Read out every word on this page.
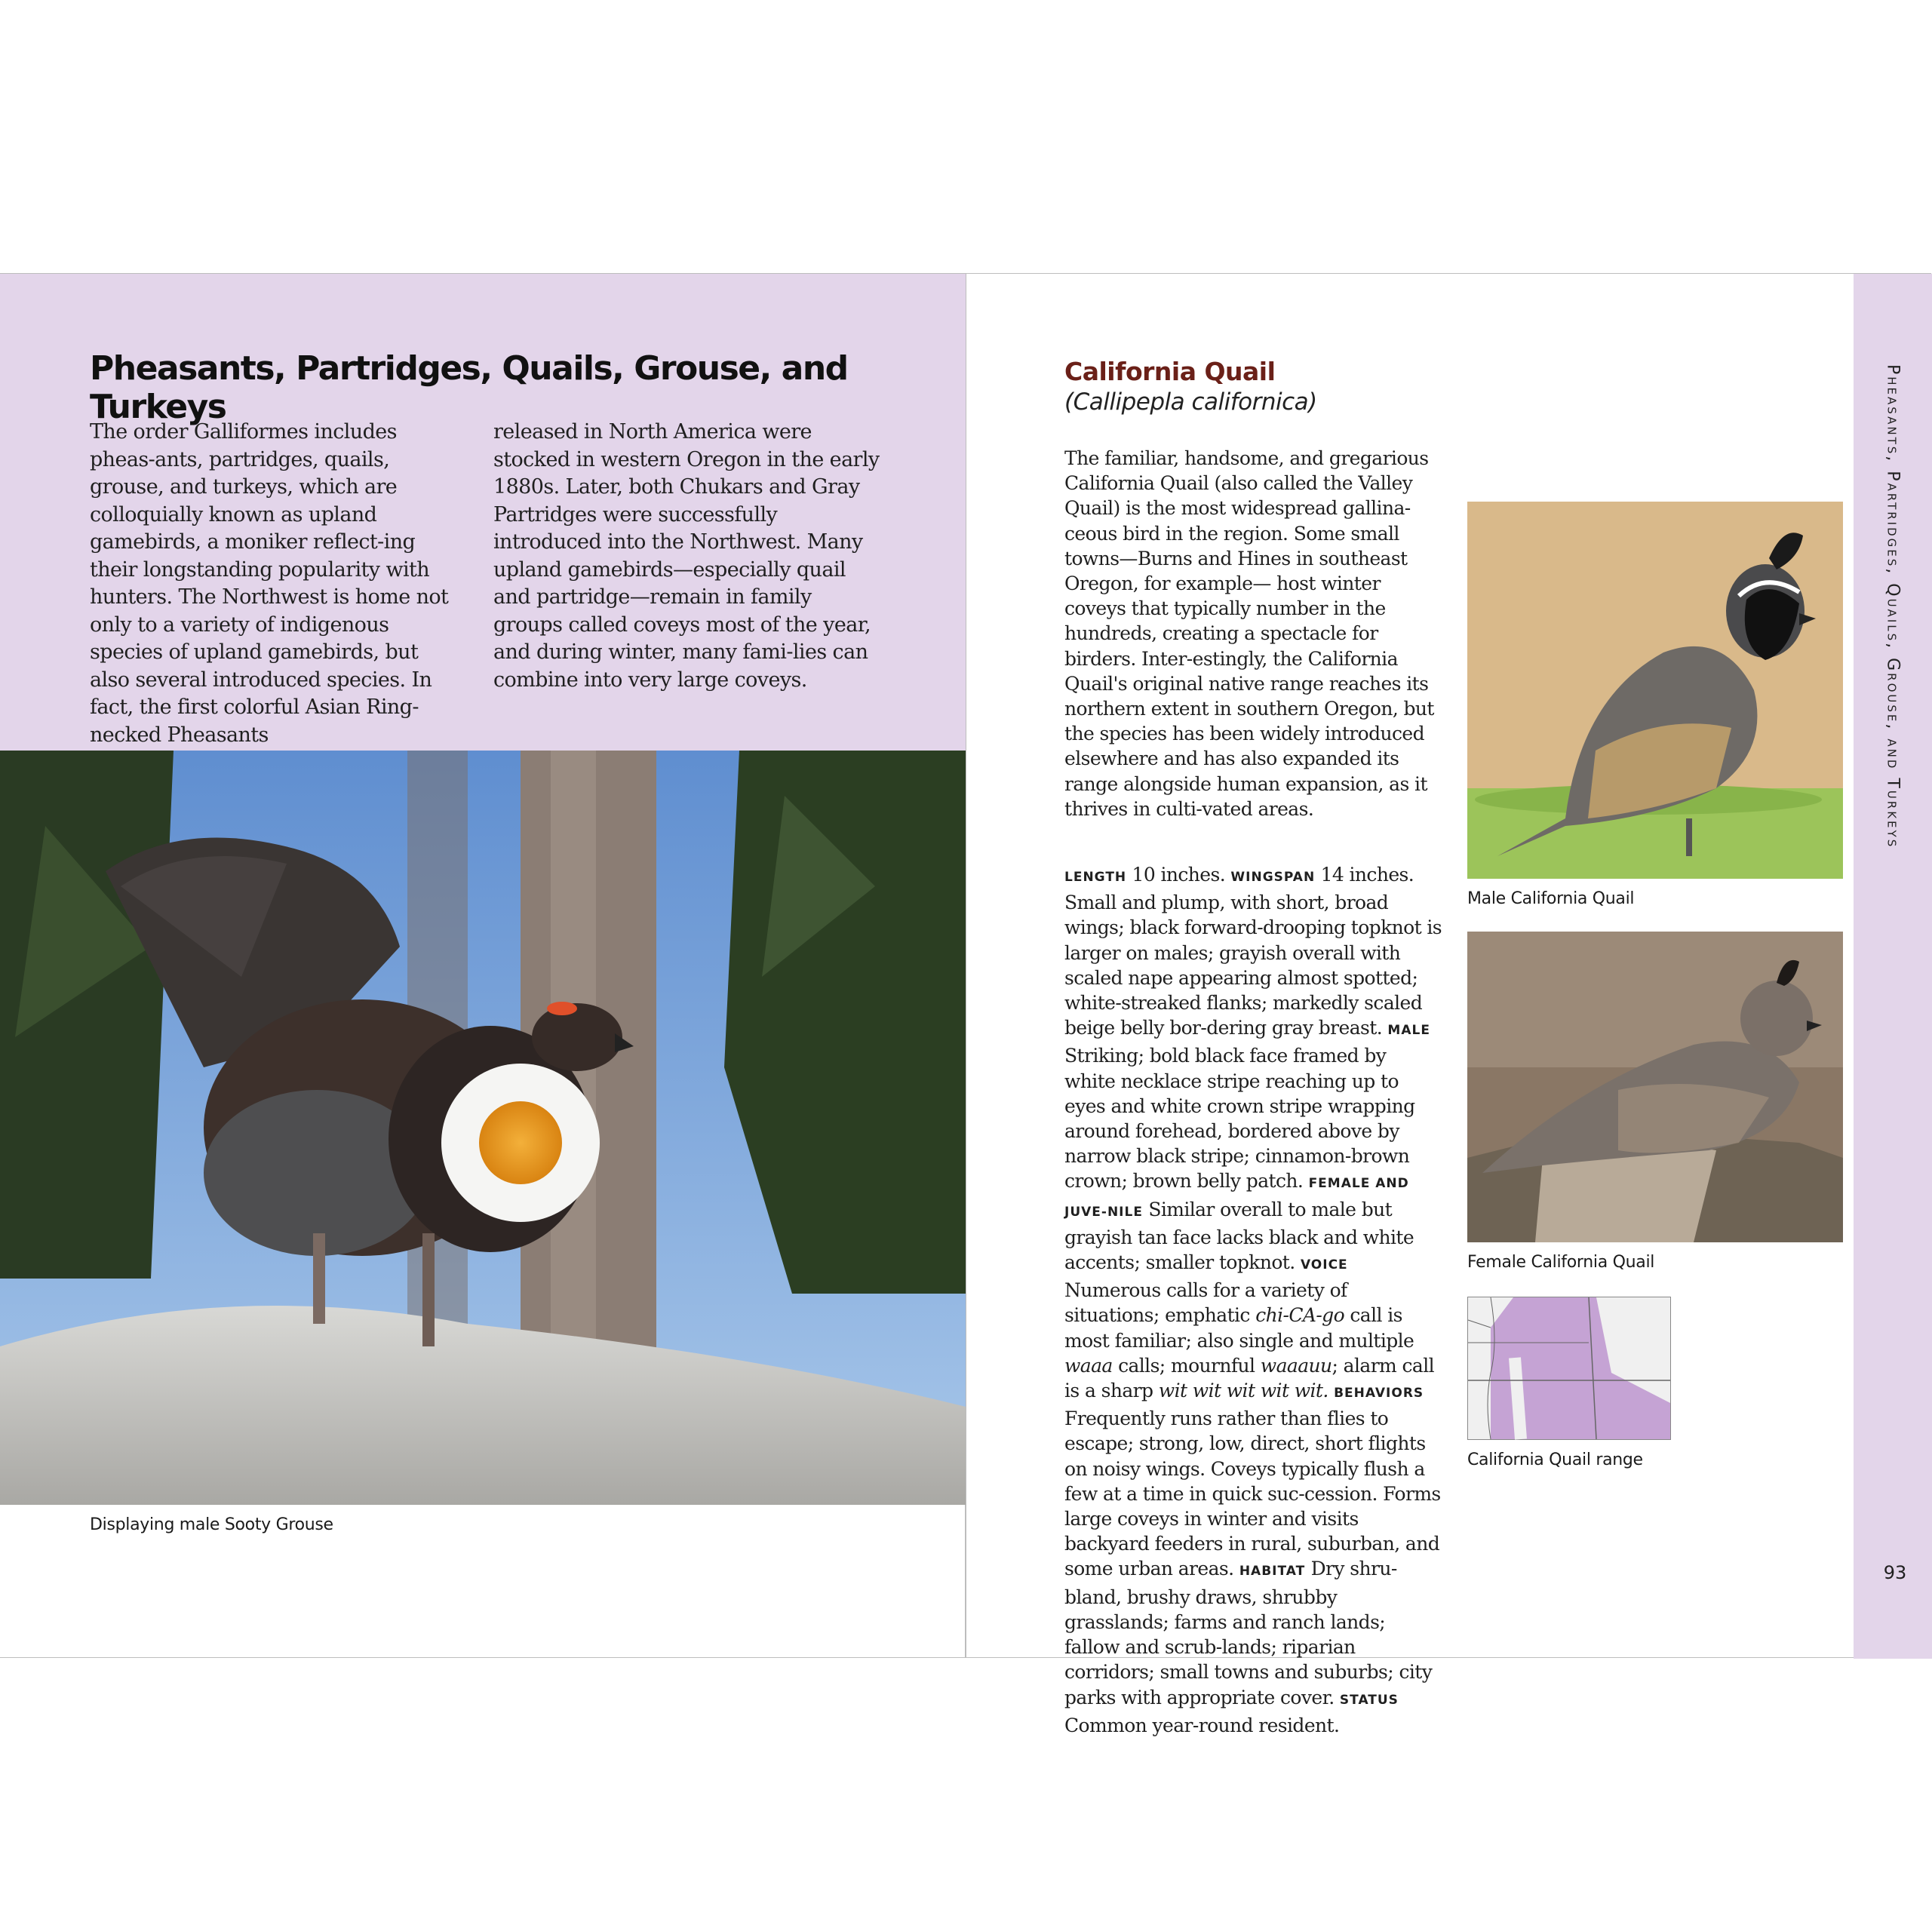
Pheasants, Partridges, Quails, Grouse, and Turkeys

The order Galliformes includes pheas-ants, partridges, quails, grouse, and turkeys, which are colloquially known as upland gamebirds, a moniker reflect-ing their longstanding popularity with hunters. The Northwest is home not only to a variety of indigenous species of upland gamebirds, but also several introduced species. In fact, the first colorful Asian Ring-necked Pheasants

released in North America were stocked in western Oregon in the early 1880s. Later, both Chukars and Gray Partridges were successfully introduced into the Northwest. Many upland gamebirds—especially quail and partridge—remain in family groups called coveys most of the year, and during winter, many fami-lies can combine into very large coveys.

Displaying male Sooty Grouse
California Quail

(Callipepla californica)

The familiar, handsome, and gregarious California Quail (also called the Valley Quail) is the most widespread gallina-ceous bird in the region. Some small towns—Burns and Hines in southeast Oregon, for example— host winter coveys that typically number in the hundreds, creating a spectacle for birders. Inter-estingly, the California Quail's original native range reaches its northern extent in southern Oregon, but the species has been widely introduced elsewhere and has also expanded its range alongside human expansion, as it thrives in culti-vated areas.

LENGTH 10 inches. WINGSPAN 14 inches. Small and plump, with short, broad wings; black forward-drooping topknot is larger on males; grayish overall with scaled nape appearing almost spotted; white-streaked flanks; markedly scaled beige belly bor-dering gray breast. MALE Striking; bold black face framed by white necklace stripe reaching up to eyes and white crown stripe wrapping around forehead, bordered above by narrow black stripe; cinnamon-brown crown; brown belly patch. FEMALE AND JUVE-NILE Similar overall to male but grayish tan face lacks black and white accents; smaller topknot. VOICE Numerous calls for a variety of situations; emphatic chi-CA-go call is most familiar; also single and multiple waaa calls; mournful waaauu; alarm call is a sharp wit wit wit wit wit. BEHAVIORS Frequently runs rather than flies to escape; strong, low, direct, short flights on noisy wings. Coveys typically flush a few at a time in quick suc-cession. Forms large coveys in winter and visits backyard feeders in rural, suburban, and some urban areas. HABITAT Dry shru-bland, brushy draws, shrubby grasslands; farms and ranch lands; fallow and scrub-lands; riparian corridors; small towns and suburbs; city parks with appropriate cover. STATUS Common year-round resident.

Male California Quail
Female California Quail
California Quail range
Pheasants, Partridges, Quails, Grouse, and Turkeys
93
